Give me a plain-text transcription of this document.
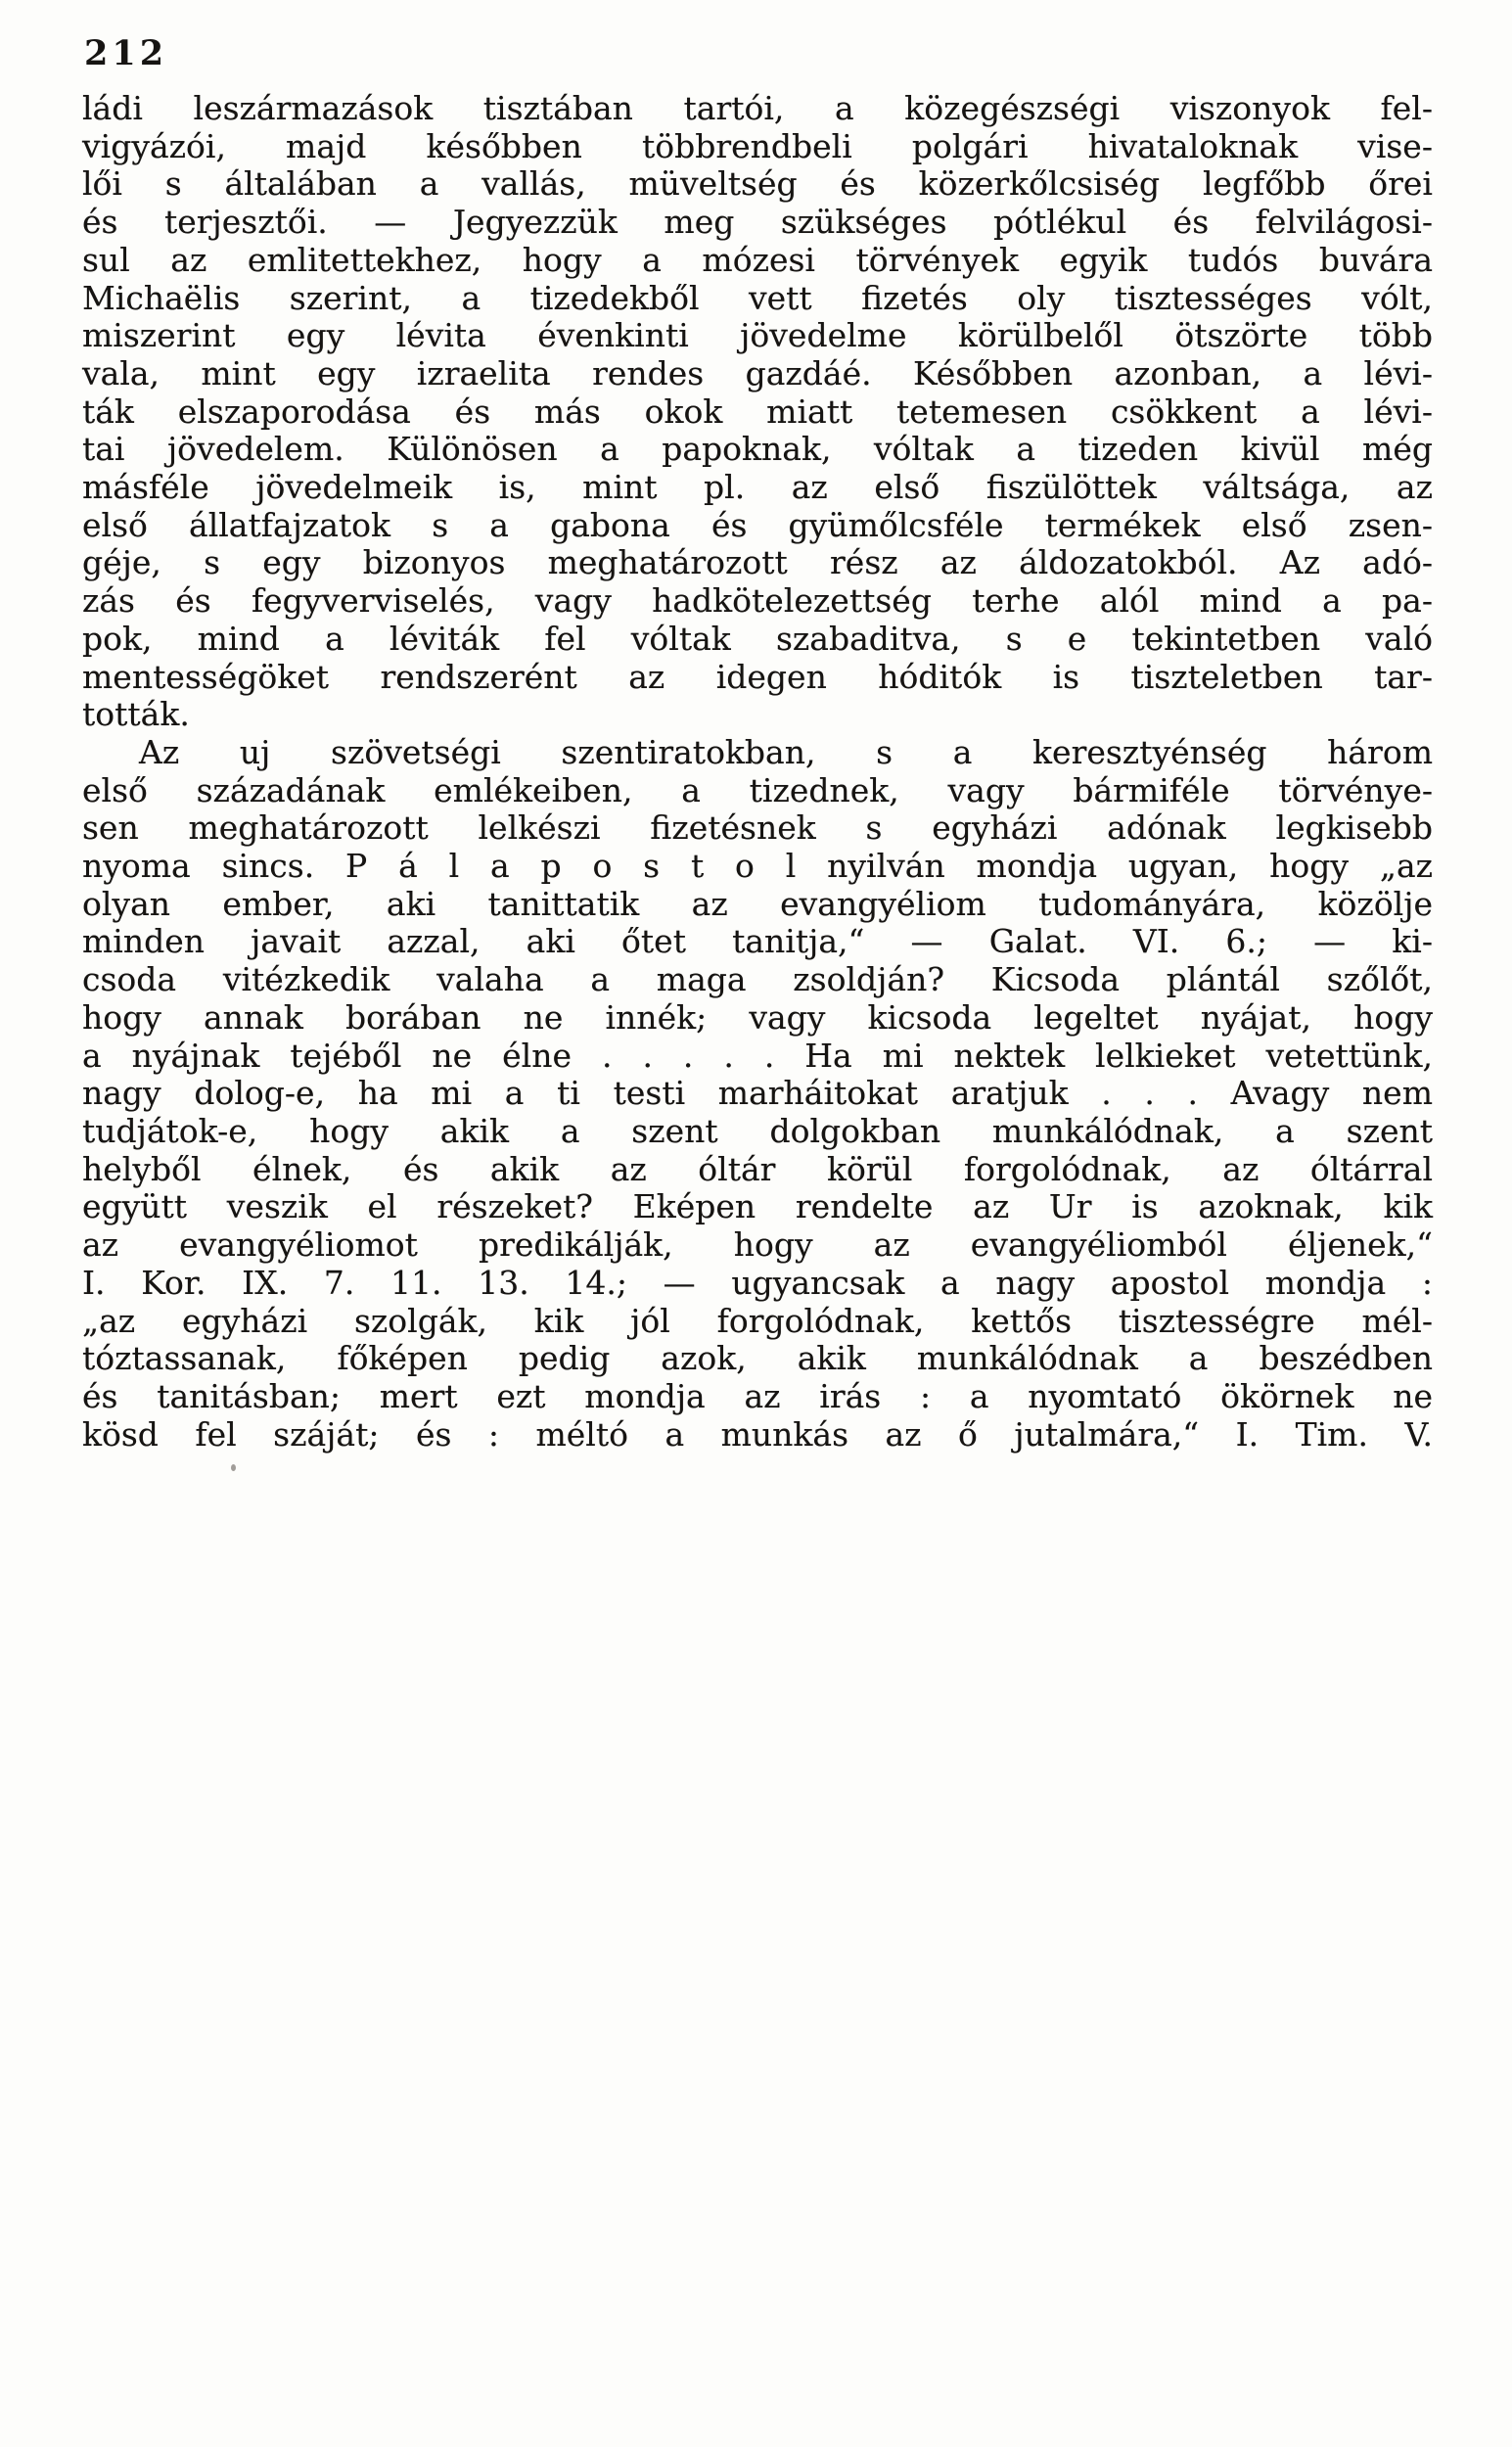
212
ládi leszármazások tisztában tartói, a közegészségi viszonyok fel-
vigyázói, majd későbben többrendbeli polgári hivataloknak vise-
lői s általában a vallás, müveltség és közerkőlcsiség legfőbb őrei
és terjesztői. — Jegyezzük meg szükséges pótlékul és felvilágosi-
sul az emlitettekhez, hogy a mózesi törvények egyik tudós buvára
Michaëlis szerint, a tizedekből vett fizetés oly tisztességes vólt,
miszerint egy lévita évenkinti jövedelme körülbelől ötszörte több
vala, mint egy izraelita rendes gazdáé. Későbben azonban, a lévi-
ták elszaporodása és más okok miatt tetemesen csökkent a lévi-
tai jövedelem. Különösen a papoknak, vóltak a tizeden kivül még
másféle jövedelmeik is, mint pl. az első fiszülöttek váltsága, az
első állatfajzatok s a gabona és gyümőlcsféle termékek első zsen-
géje, s egy bizonyos meghatározott rész az áldozatokból. Az adó-
zás és fegyverviselés, vagy hadkötelezettség terhe alól mind a pa-
pok, mind a léviták fel vóltak szabaditva, s e tekintetben való
mentességöket rendszerént az idegen hóditók is tiszteletben tar-
tották.
Az uj szövetségi szentiratokban, s a keresztyénség három
első századának emlékeiben, a tizednek, vagy bármiféle törvénye-
sen meghatározott lelkészi fizetésnek s egyházi adónak legkisebb
nyoma sincs. P á l a p o s t o l nyilván mondja ugyan, hogy „az
olyan ember, aki tanittatik az evangyéliom tudományára, közölje
minden javait azzal, aki őtet tanitja,“ — Galat. VI. 6.; — ki-
csoda vitézkedik valaha a maga zsoldján? Kicsoda plántál szőlőt,
hogy annak borában ne innék; vagy kicsoda legeltet nyájat, hogy
a nyájnak tejéből ne élne . . . . . Ha mi nektek lelkieket vetettünk,
nagy dolog-e, ha mi a ti testi marháitokat aratjuk . . . Avagy nem
tudjátok-e, hogy akik a szent dolgokban munkálódnak, a szent
helyből élnek, és akik az óltár körül forgolódnak, az óltárral
együtt veszik el részeket? Eképen rendelte az Ur is azoknak, kik
az evangyéliomot predikálják, hogy az evangyéliomból éljenek,“
I. Kor. IX. 7. 11. 13. 14.; — ugyancsak a nagy apostol mondja :
„az egyházi szolgák, kik jól forgolódnak, kettős tisztességre mél-
tóztassanak, főképen pedig azok, akik munkálódnak a beszédben
és tanitásban; mert ezt mondja az irás : a nyomtató ökörnek ne
kösd fel száját; és : méltó a munkás az ő jutalmára,“ I. Tim. V.
